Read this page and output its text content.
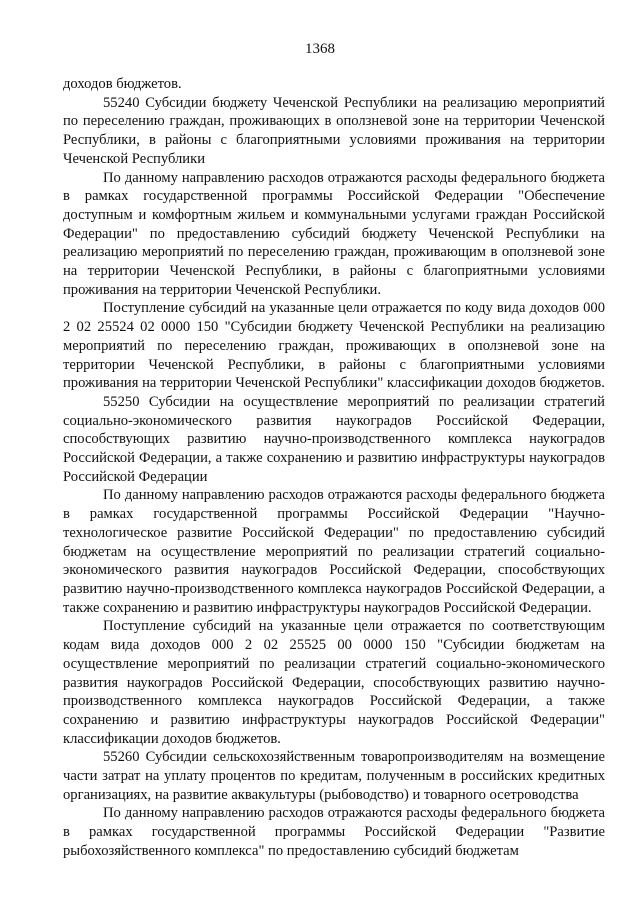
1368

доходов бюджетов.

55240 Субсидии бюджету Чеченской Республики на реализацию мероприятий по переселению граждан, проживающих в оползневой зоне на территории Чеченской Республики, в районы с благоприятными условиями проживания на территории Чеченской Республики

По данному направлению расходов отражаются расходы федерального бюджета в рамках государственной программы Российской Федерации "Обеспечение доступным и комфортным жильем и коммунальными услугами граждан Российской Федерации" по предоставлению субсидий бюджету Чеченской Республики на реализацию мероприятий по переселению граждан, проживающим в оползневой зоне на территории Чеченской Республики, в районы с благоприятными условиями проживания на территории Чеченской Республики.

Поступление субсидий на указанные цели отражается по коду вида доходов 000 2 02 25524 02 0000 150 "Субсидии бюджету Чеченской Республики на реализацию мероприятий по переселению граждан, проживающих в оползневой зоне на территории Чеченской Республики, в районы с благоприятными условиями проживания на территории Чеченской Республики" классификации доходов бюджетов.

55250 Субсидии на осуществление мероприятий по реализации стратегий социально-экономического развития наукоградов Российской Федерации, способствующих развитию научно-производственного комплекса наукоградов Российской Федерации, а также сохранению и развитию инфраструктуры наукоградов Российской Федерации

По данному направлению расходов отражаются расходы федерального бюджета в рамках государственной программы Российской Федерации "Научно-технологическое развитие Российской Федерации" по предоставлению субсидий бюджетам на осуществление мероприятий по реализации стратегий социально-экономического развития наукоградов Российской Федерации, способствующих развитию научно-производственного комплекса наукоградов Российской Федерации, а также сохранению и развитию инфраструктуры наукоградов Российской Федерации.

Поступление субсидий на указанные цели отражается по соответствующим кодам вида доходов 000 2 02 25525 00 0000 150 "Субсидии бюджетам на осуществление мероприятий по реализации стратегий социально-экономического развития наукоградов Российской Федерации, способствующих развитию научно-производственного комплекса наукоградов Российской Федерации, а также сохранению и развитию инфраструктуры наукоградов Российской Федерации" классификации доходов бюджетов.

55260 Субсидии сельскохозяйственным товаропроизводителям на возмещение части затрат на уплату процентов по кредитам, полученным в российских кредитных организациях, на развитие аквакультуры (рыбоводство) и товарного осетроводства

По данному направлению расходов отражаются расходы федерального бюджета в рамках государственной программы Российской Федерации "Развитие рыбохозяйственного комплекса" по предоставлению субсидий бюджетам
